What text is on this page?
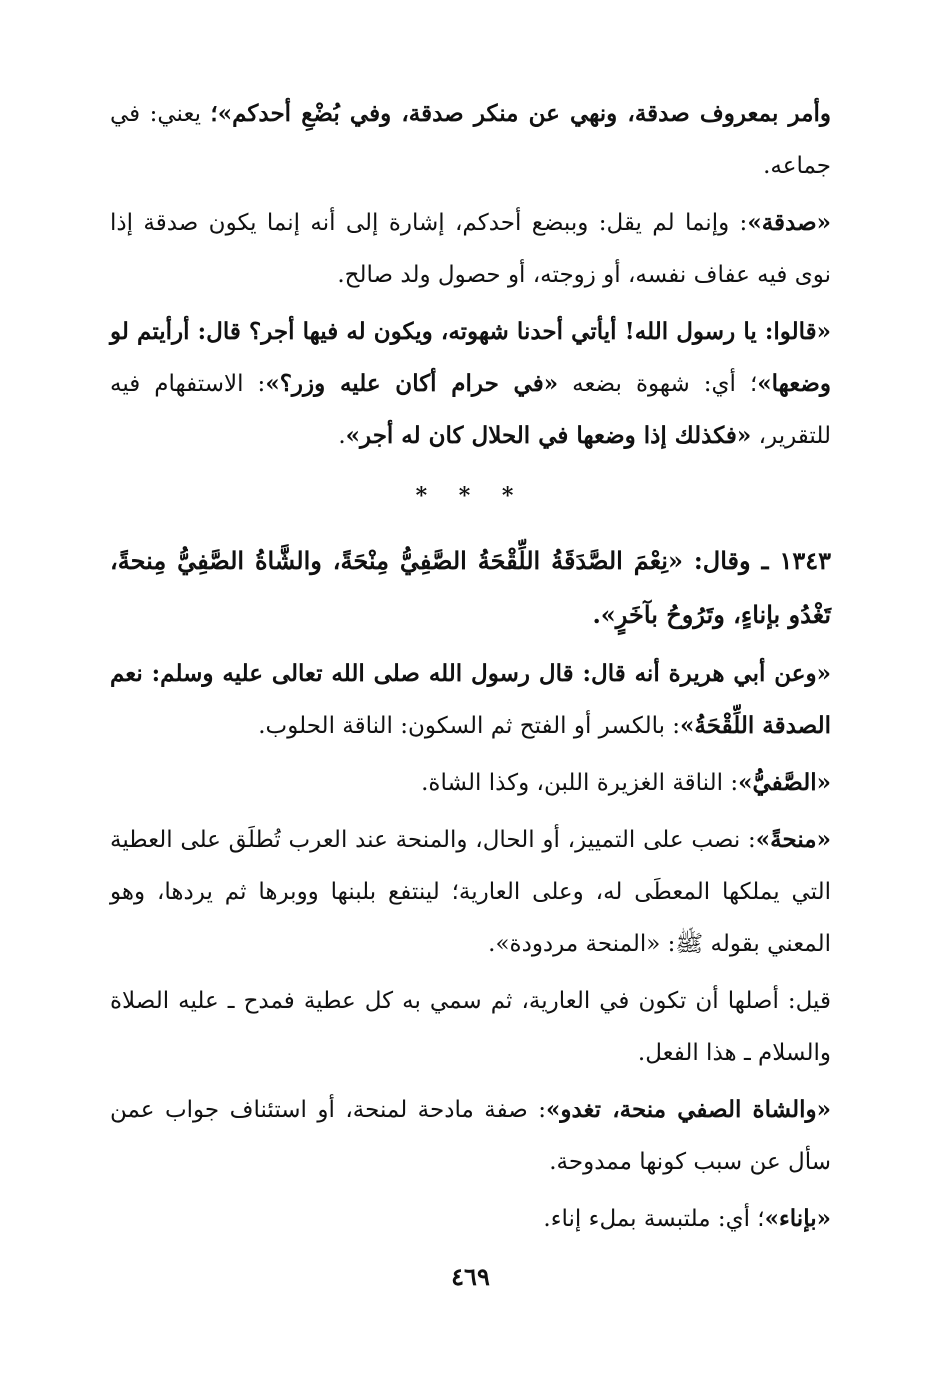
وأمر بمعروف صدقة، ونهي عن منكر صدقة، وفي بُضْعِ أحدكم»؛ يعني: في جماعه.

«صدقة»: وإنما لم يقل: وببضع أحدكم، إشارة إلى أنه إنما يكون صدقة إذا نوى فيه عفاف نفسه، أو زوجته، أو حصول ولد صالح.

«قالوا: يا رسول الله! أيأتي أحدنا شهوته، ويكون له فيها أجر؟ قال: أرأيتم لو وضعها»؛ أي: شهوة بضعه «في حرام أكان عليه وزر؟»: الاستفهام فيه للتقرير، «فكذلك إذا وضعها في الحلال كان له أجر».

* * *

١٣٤٣ ـ وقال: «نِعْمَ الصَّدَقَةُ اللِّقْحَةُ الصَّفِيُّ مِنْحَةً، والشَّاةُ الصَّفِيُّ مِنحةً، تَغْدُو بإناءٍ، وتَرُوحُ بآخَرٍ».

«وعن أبي هريرة أنه قال: قال رسول الله صلى الله تعالى عليه وسلم: نعم الصدقة اللِّقْحَةُ»: بالكسر أو الفتح ثم السكون: الناقة الحلوب.

«الصَّفيُّ»: الناقة الغزيرة اللبن، وكذا الشاة.

«منحةً»: نصب على التمييز، أو الحال، والمنحة عند العرب تُطلَق على العطية التي يملكها المعطَى له، وعلى العارية؛ لينتفع بلبنها ووبرها ثم يردها، وهو المعني بقوله ﷺ: «المنحة مردودة».

قيل: أصلها أن تكون في العارية، ثم سمي به كل عطية فمدح ـ عليه الصلاة والسلام ـ هذا الفعل.

«والشاة الصفي منحة، تغدو»: صفة مادحة لمنحة، أو استئناف جواب عمن سأل عن سبب كونها ممدوحة.

«بإناء»؛ أي: ملتبسة بملء إناء.

٤٦٩
